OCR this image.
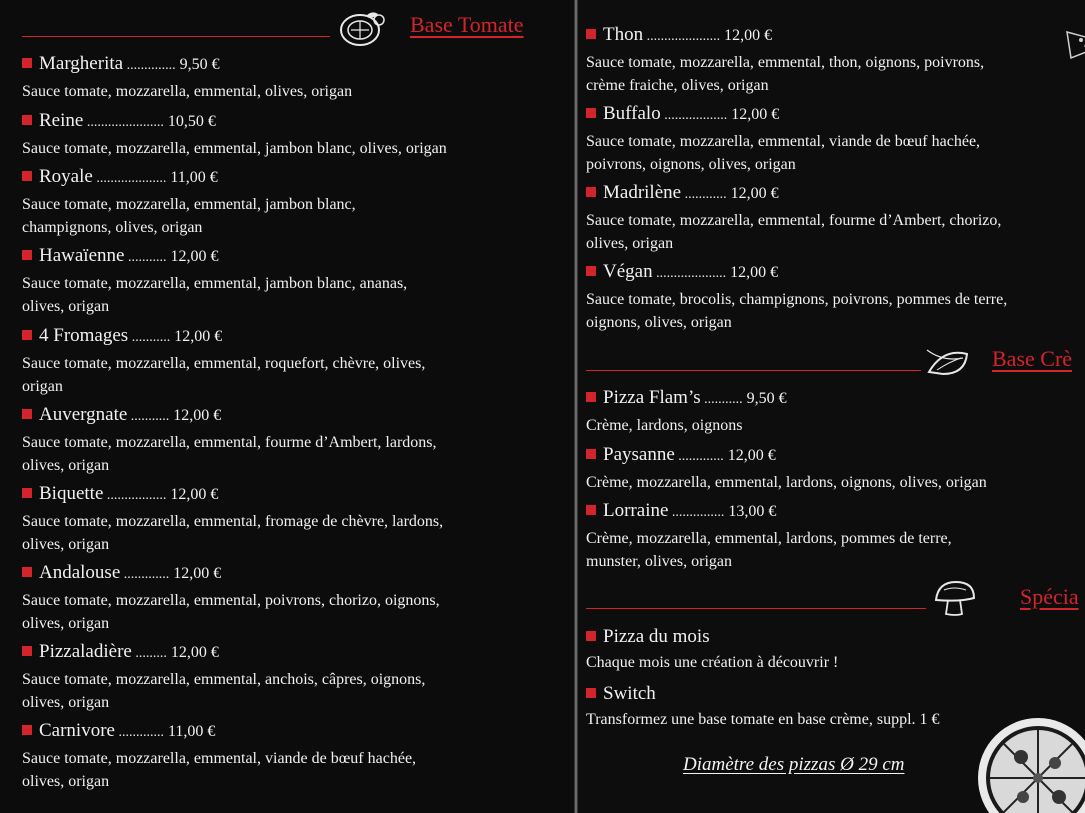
Base Tomate
Margherita .............. 9,50 €
Sauce tomate, mozzarella, emmental, olives, origan
Reine ...................... 10,50 €
Sauce tomate, mozzarella, emmental, jambon blanc, olives, origan
Royale .................... 11,00 €
Sauce tomate, mozzarella, emmental, jambon blanc,
champignons, olives, origan
Hawaïenne ........... 12,00 €
Sauce tomate, mozzarella, emmental, jambon blanc, ananas,
olives, origan
4 Fromages ........... 12,00 €
Sauce tomate, mozzarella, emmental, roquefort, chèvre, olives,
origan
Auvergnate ........... 12,00 €
Sauce tomate, mozzarella, emmental, fourme d’Ambert, lardons,
olives, origan
Biquette ................. 12,00 €
Sauce tomate, mozzarella, emmental, fromage de chèvre, lardons,
olives, origan
Andalouse ............. 12,00 €
Sauce tomate, mozzarella, emmental, poivrons, chorizo, oignons,
olives, origan
Pizzaladière ......... 12,00 €
Sauce tomate, mozzarella, emmental, anchois, câpres, oignons,
olives, origan
Carnivore ............. 11,00 €
Sauce tomate, mozzarella, emmental, viande de bœuf hachée,
olives, origan
Thon ..................... 12,00 €
Sauce tomate, mozzarella, emmental, thon, oignons, poivrons,
crème fraiche, olives, origan
Buffalo .................. 12,00 €
Sauce tomate, mozzarella, emmental, viande de bœuf hachée,
poivrons, oignons, olives, origan
Madrilène ............ 12,00 €
Sauce tomate, mozzarella, emmental, fourme d’Ambert, chorizo,
olives, origan
Végan .................... 12,00 €
Sauce tomate, brocolis, champignons, poivrons, pommes de terre,
oignons, olives, origan
Base Crè
Pizza Flam’s ........... 9,50 €
Crème, lardons, oignons
Paysanne ............. 12,00 €
Crème, mozzarella, emmental, lardons, oignons, olives, origan
Lorraine ............... 13,00 €
Crème, mozzarella, emmental, lardons, pommes de terre,
munster, olives, origan
Spécia
Pizza du mois
Chaque mois une création à découvrir !
Switch
Transformez une base tomate en base crème, suppl. 1 €
Diamètre des pizzas Ø 29 cm
